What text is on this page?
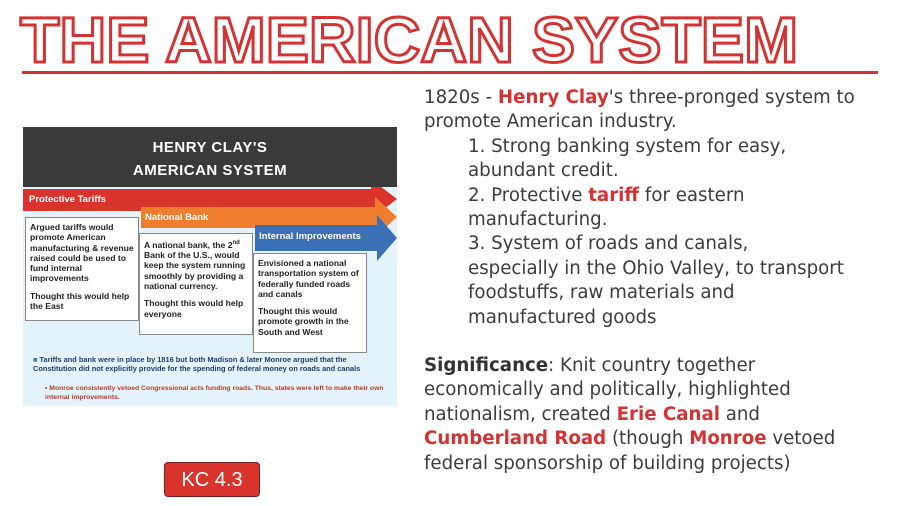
THE AMERICAN SYSTEM
HENRY CLAY'S
AMERICAN SYSTEM
Protective Tariffs
National Bank
Internal Improvements

Argued tariffs would promote American manufacturing & revenue raised could be used to fund internal improvements

Thought this would help the East

A national bank, the 2nd Bank of the U.S., would keep the system running smoothly by providing a national currency.

Thought this would help everyone

Envisioned a national transportation system of federally funded roads and canals

Thought this would promote growth in the South and West

■ Tariffs and bank were in place by 1816 but both Madison & later Monroe argued that the Constitution did not explicitly provide for the spending of federal money on roads and canals
• Monroe consistently vetoed Congressional acts funding roads. Thus, states were left to make their own internal improvements.
KC 4.3
1820s - Henry Clay's three-pronged system to
promote American industry.
1. Strong banking system for easy,
abundant credit.
2. Protective tariff for eastern
manufacturing.
3. System of roads and canals,
especially in the Ohio Valley, to transport
foodstuffs, raw materials and
manufactured goods
Significance: Knit country together
economically and politically, highlighted
nationalism, created Erie Canal and
Cumberland Road (though Monroe vetoed
federal sponsorship of building projects)
